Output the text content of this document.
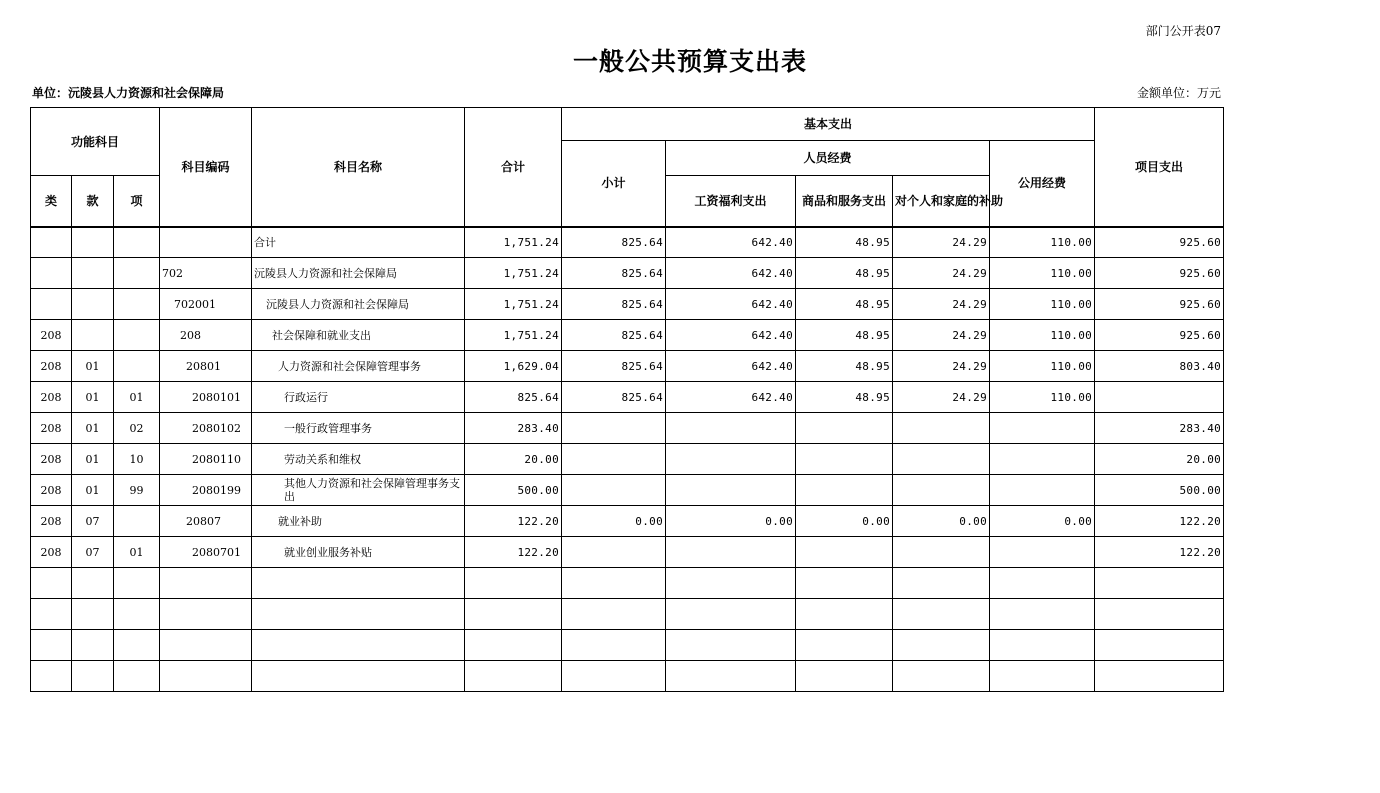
部门公开表07
一般公共预算支出表
单位：沅陵县人力资源和社会保障局	金额单位：万元
功能科目			科目编码	科目名称	合计	基本支出					项目支出
						小计	人员经费			公用经费	
类	款	项					工资福利支出	商品和服务支出	对个人和家庭的补助		
				合计	1,751.24	825.64	642.40	48.95	24.29	110.00	925.60
			702	沅陵县人力资源和社会保障局	1,751.24	825.64	642.40	48.95	24.29	110.00	925.60
			702001	沅陵县人力资源和社会保障局	1,751.24	825.64	642.40	48.95	24.29	110.00	925.60
208			208	社会保障和就业支出	1,751.24	825.64	642.40	48.95	24.29	110.00	925.60
208	01		20801	人力资源和社会保障管理事务	1,629.04	825.64	642.40	48.95	24.29	110.00	803.40
208	01	01	2080101	行政运行	825.64	825.64	642.40	48.95	24.29	110.00	
208	01	02	2080102	一般行政管理事务	283.40						283.40
208	01	10	2080110	劳动关系和维权	20.00						20.00
208	01	99	2080199	其他人力资源和社会保障管理事务支出	500.00						500.00
208	07		20807	就业补助	122.20	0.00	0.00	0.00	0.00	0.00	122.20
208	07	01	2080701	就业创业服务补贴	122.20						122.20
